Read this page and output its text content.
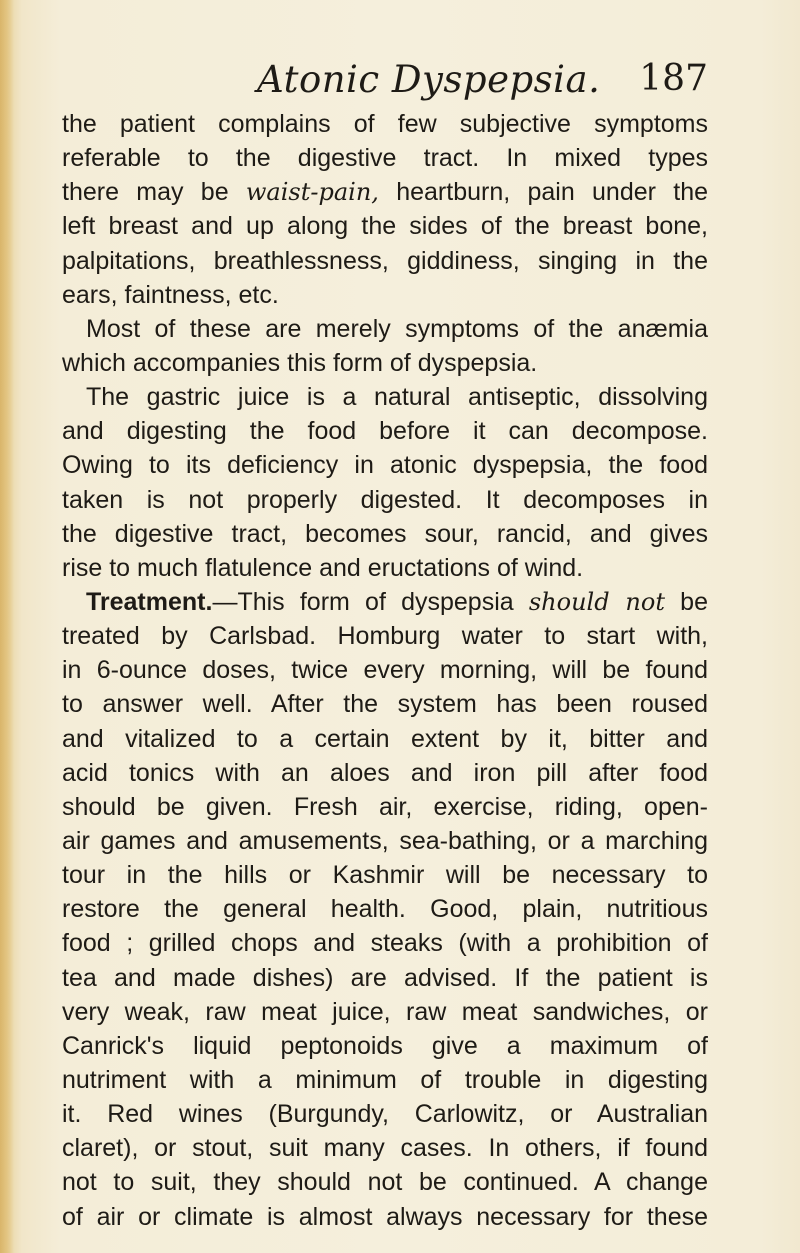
Atonic Dyspepsia. 187
the patient complains of few subjective symptoms
referable to the digestive tract. In mixed types
there may be waist-pain, heartburn, pain under the
left breast and up along the sides of the breast bone,
palpitations, breathlessness, giddiness, singing in the
ears, faintness, etc.
Most of these are merely symptoms of the anæmia
which accompanies this form of dyspepsia.
The gastric juice is a natural antiseptic, dissolving
and digesting the food before it can decompose.
Owing to its deficiency in atonic dyspepsia, the food
taken is not properly digested. It decomposes in
the digestive tract, becomes sour, rancid, and gives
rise to much flatulence and eructations of wind.
Treatment.—This form of dyspepsia should not be
treated by Carlsbad. Homburg water to start with,
in 6-ounce doses, twice every morning, will be found
to answer well. After the system has been roused
and vitalized to a certain extent by it, bitter and
acid tonics with an aloes and iron pill after food
should be given. Fresh air, exercise, riding, open-
air games and amusements, sea-bathing, or a marching
tour in the hills or Kashmir will be necessary to
restore the general health. Good, plain, nutritious
food ; grilled chops and steaks (with a prohibition of
tea and made dishes) are advised. If the patient is
very weak, raw meat juice, raw meat sandwiches, or
Canrick's liquid peptonoids give a maximum of
nutriment with a minimum of trouble in digesting
it. Red wines (Burgundy, Carlowitz, or Australian
claret), or stout, suit many cases. In others, if found
not to suit, they should not be continued. A change
of air or climate is almost always necessary for these
